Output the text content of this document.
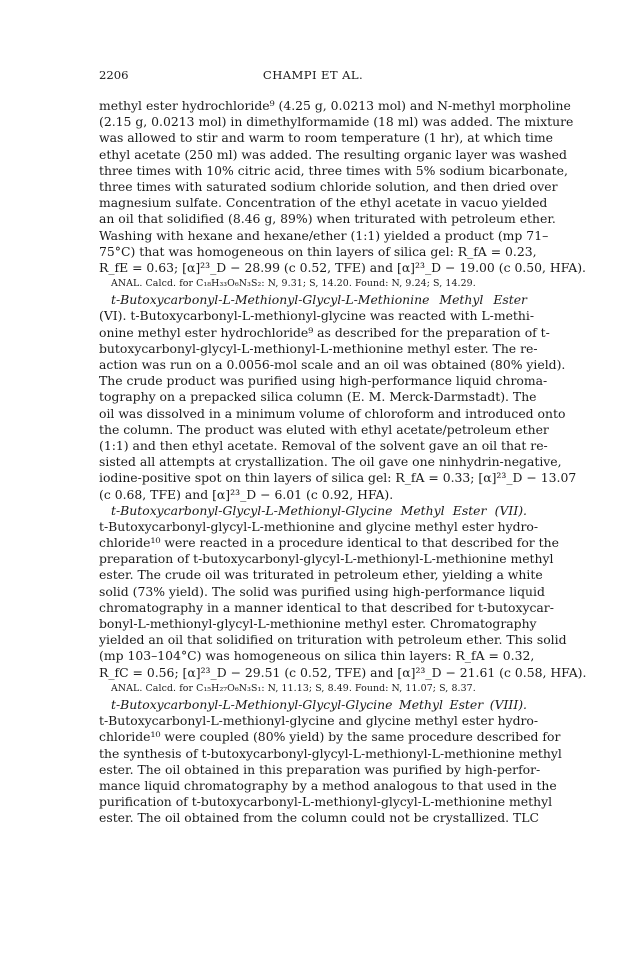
2206	CHAMPI ET AL.
methyl ester hydrochloride⁹ (4.25 g, 0.0213 mol) and N-methyl morpholine
(2.15 g, 0.0213 mol) in dimethylformamide (18 ml) was added. The mixture
was allowed to stir and warm to room temperature (1 hr), at which time
ethyl acetate (250 ml) was added. The resulting organic layer was washed
three times with 10% citric acid, three times with 5% sodium bicarbonate,
three times with saturated sodium chloride solution, and then dried over
magnesium sulfate. Concentration of the ethyl acetate in vacuo yielded
an oil that solidified (8.46 g, 89%) when triturated with petroleum ether.
Washing with hexane and hexane/ether (1:1) yielded a product (mp 71–
75°C) that was homogeneous on thin layers of silica gel: R_fA = 0.23,
R_fE = 0.63; [α]²³_D − 28.99 (c 0.52, TFE) and [α]²³_D − 19.00 (c 0.50, HFA).
ANAL. Calcd. for C₁₈H₃₃O₆N₃S₂: N, 9.31; S, 14.20. Found: N, 9.24; S, 14.29.
t-Butoxycarbonyl-L-Methionyl-Glycyl-L-Methionine Methyl Ester
(VI). t-Butoxycarbonyl-L-methionyl-glycine was reacted with L-methi-
onine methyl ester hydrochloride⁹ as described for the preparation of t-
butoxycarbonyl-glycyl-L-methionyl-L-methionine methyl ester. The re-
action was run on a 0.0056-mol scale and an oil was obtained (80% yield).
The crude product was purified using high-performance liquid chroma-
tography on a prepacked silica column (E. M. Merck-Darmstadt). The
oil was dissolved in a minimum volume of chloroform and introduced onto
the column. The product was eluted with ethyl acetate/petroleum ether
(1:1) and then ethyl acetate. Removal of the solvent gave an oil that re-
sisted all attempts at crystallization. The oil gave one ninhydrin-negative,
iodine-positive spot on thin layers of silica gel: R_fA = 0.33; [α]²³_D − 13.07
(c 0.68, TFE) and [α]²³_D − 6.01 (c 0.92, HFA).
t-Butoxycarbonyl-Glycyl-L-Methionyl-Glycine Methyl Ester (VII).
t-Butoxycarbonyl-glycyl-L-methionine and glycine methyl ester hydro-
chloride¹⁰ were reacted in a procedure identical to that described for the
preparation of t-butoxycarbonyl-glycyl-L-methionyl-L-methionine methyl
ester. The crude oil was triturated in petroleum ether, yielding a white
solid (73% yield). The solid was purified using high-performance liquid
chromatography in a manner identical to that described for t-butoxycar-
bonyl-L-methionyl-glycyl-L-methionine methyl ester. Chromatography
yielded an oil that solidified on trituration with petroleum ether. This solid
(mp 103–104°C) was homogeneous on silica thin layers: R_fA = 0.32,
R_fC = 0.56; [α]²³_D − 29.51 (c 0.52, TFE) and [α]²³_D − 21.61 (c 0.58, HFA).
ANAL. Calcd. for C₁₅H₂₇O₆N₃S₁: N, 11.13; S, 8.49. Found: N, 11.07; S, 8.37.
t-Butoxycarbonyl-L-Methionyl-Glycyl-Glycine Methyl Ester (VIII).
t-Butoxycarbonyl-L-methionyl-glycine and glycine methyl ester hydro-
chloride¹⁰ were coupled (80% yield) by the same procedure described for
the synthesis of t-butoxycarbonyl-glycyl-L-methionyl-L-methionine methyl
ester. The oil obtained in this preparation was purified by high-perfor-
mance liquid chromatography by a method analogous to that used in the
purification of t-butoxycarbonyl-L-methionyl-glycyl-L-methionine methyl
ester. The oil obtained from the column could not be crystallized. TLC
